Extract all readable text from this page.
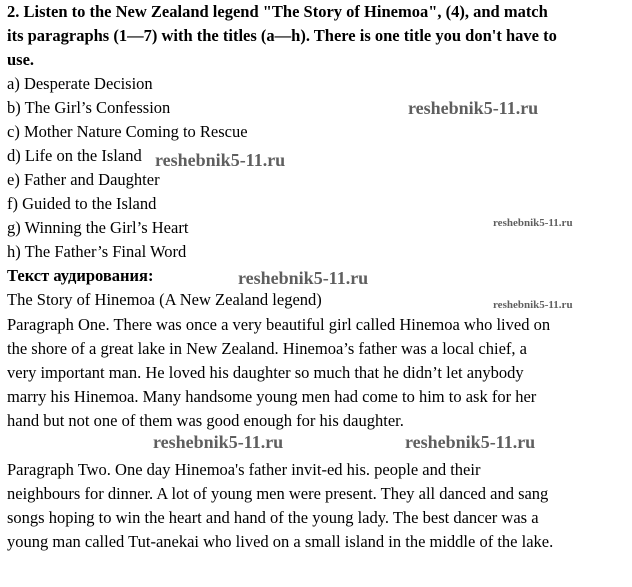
2. Listen to the New Zealand legend "The Story of Hinemoa", (4), and match
its paragraphs (1—7) with the titles (a—h). There is one title you don't have to
use.
a) Desperate Decision
b) The Girl’s Confession
c) Mother Nature Coming to Rescue
d) Life on the Island
e) Father and Daughter
f) Guided to the Island
g) Winning the Girl’s Heart
h) The Father’s Final Word
Текст аудирования:
The Story of Hinemoa (A New Zealand legend)
Paragraph One. There was once a very beautiful girl called Hinemoa who lived on
the shore of a great lake in New Zealand. Hinemoa’s father was a local chief, a
very important man. He loved his daughter so much that he didn’t let anybody
marry his Hinemoa. Many handsome young men had come to him to ask for her
hand but not one of them was good enough for his daughter.
Paragraph Two. One day Hinemoa's father invit-ed his. people and their
neighbours for dinner. A lot of young men were present. They all danced and sang
songs hoping to win the heart and hand of the young lady. The best dancer was a
young man called Tut-anekai who lived on a small island in the middle of the lake.
reshebnik5-11.ru
reshebnik5-11.ru
reshebnik5-11.ru
reshebnik5-11.ru
reshebnik5-11.ru
reshebnik5-11.ru	reshebnik5-11.ru
